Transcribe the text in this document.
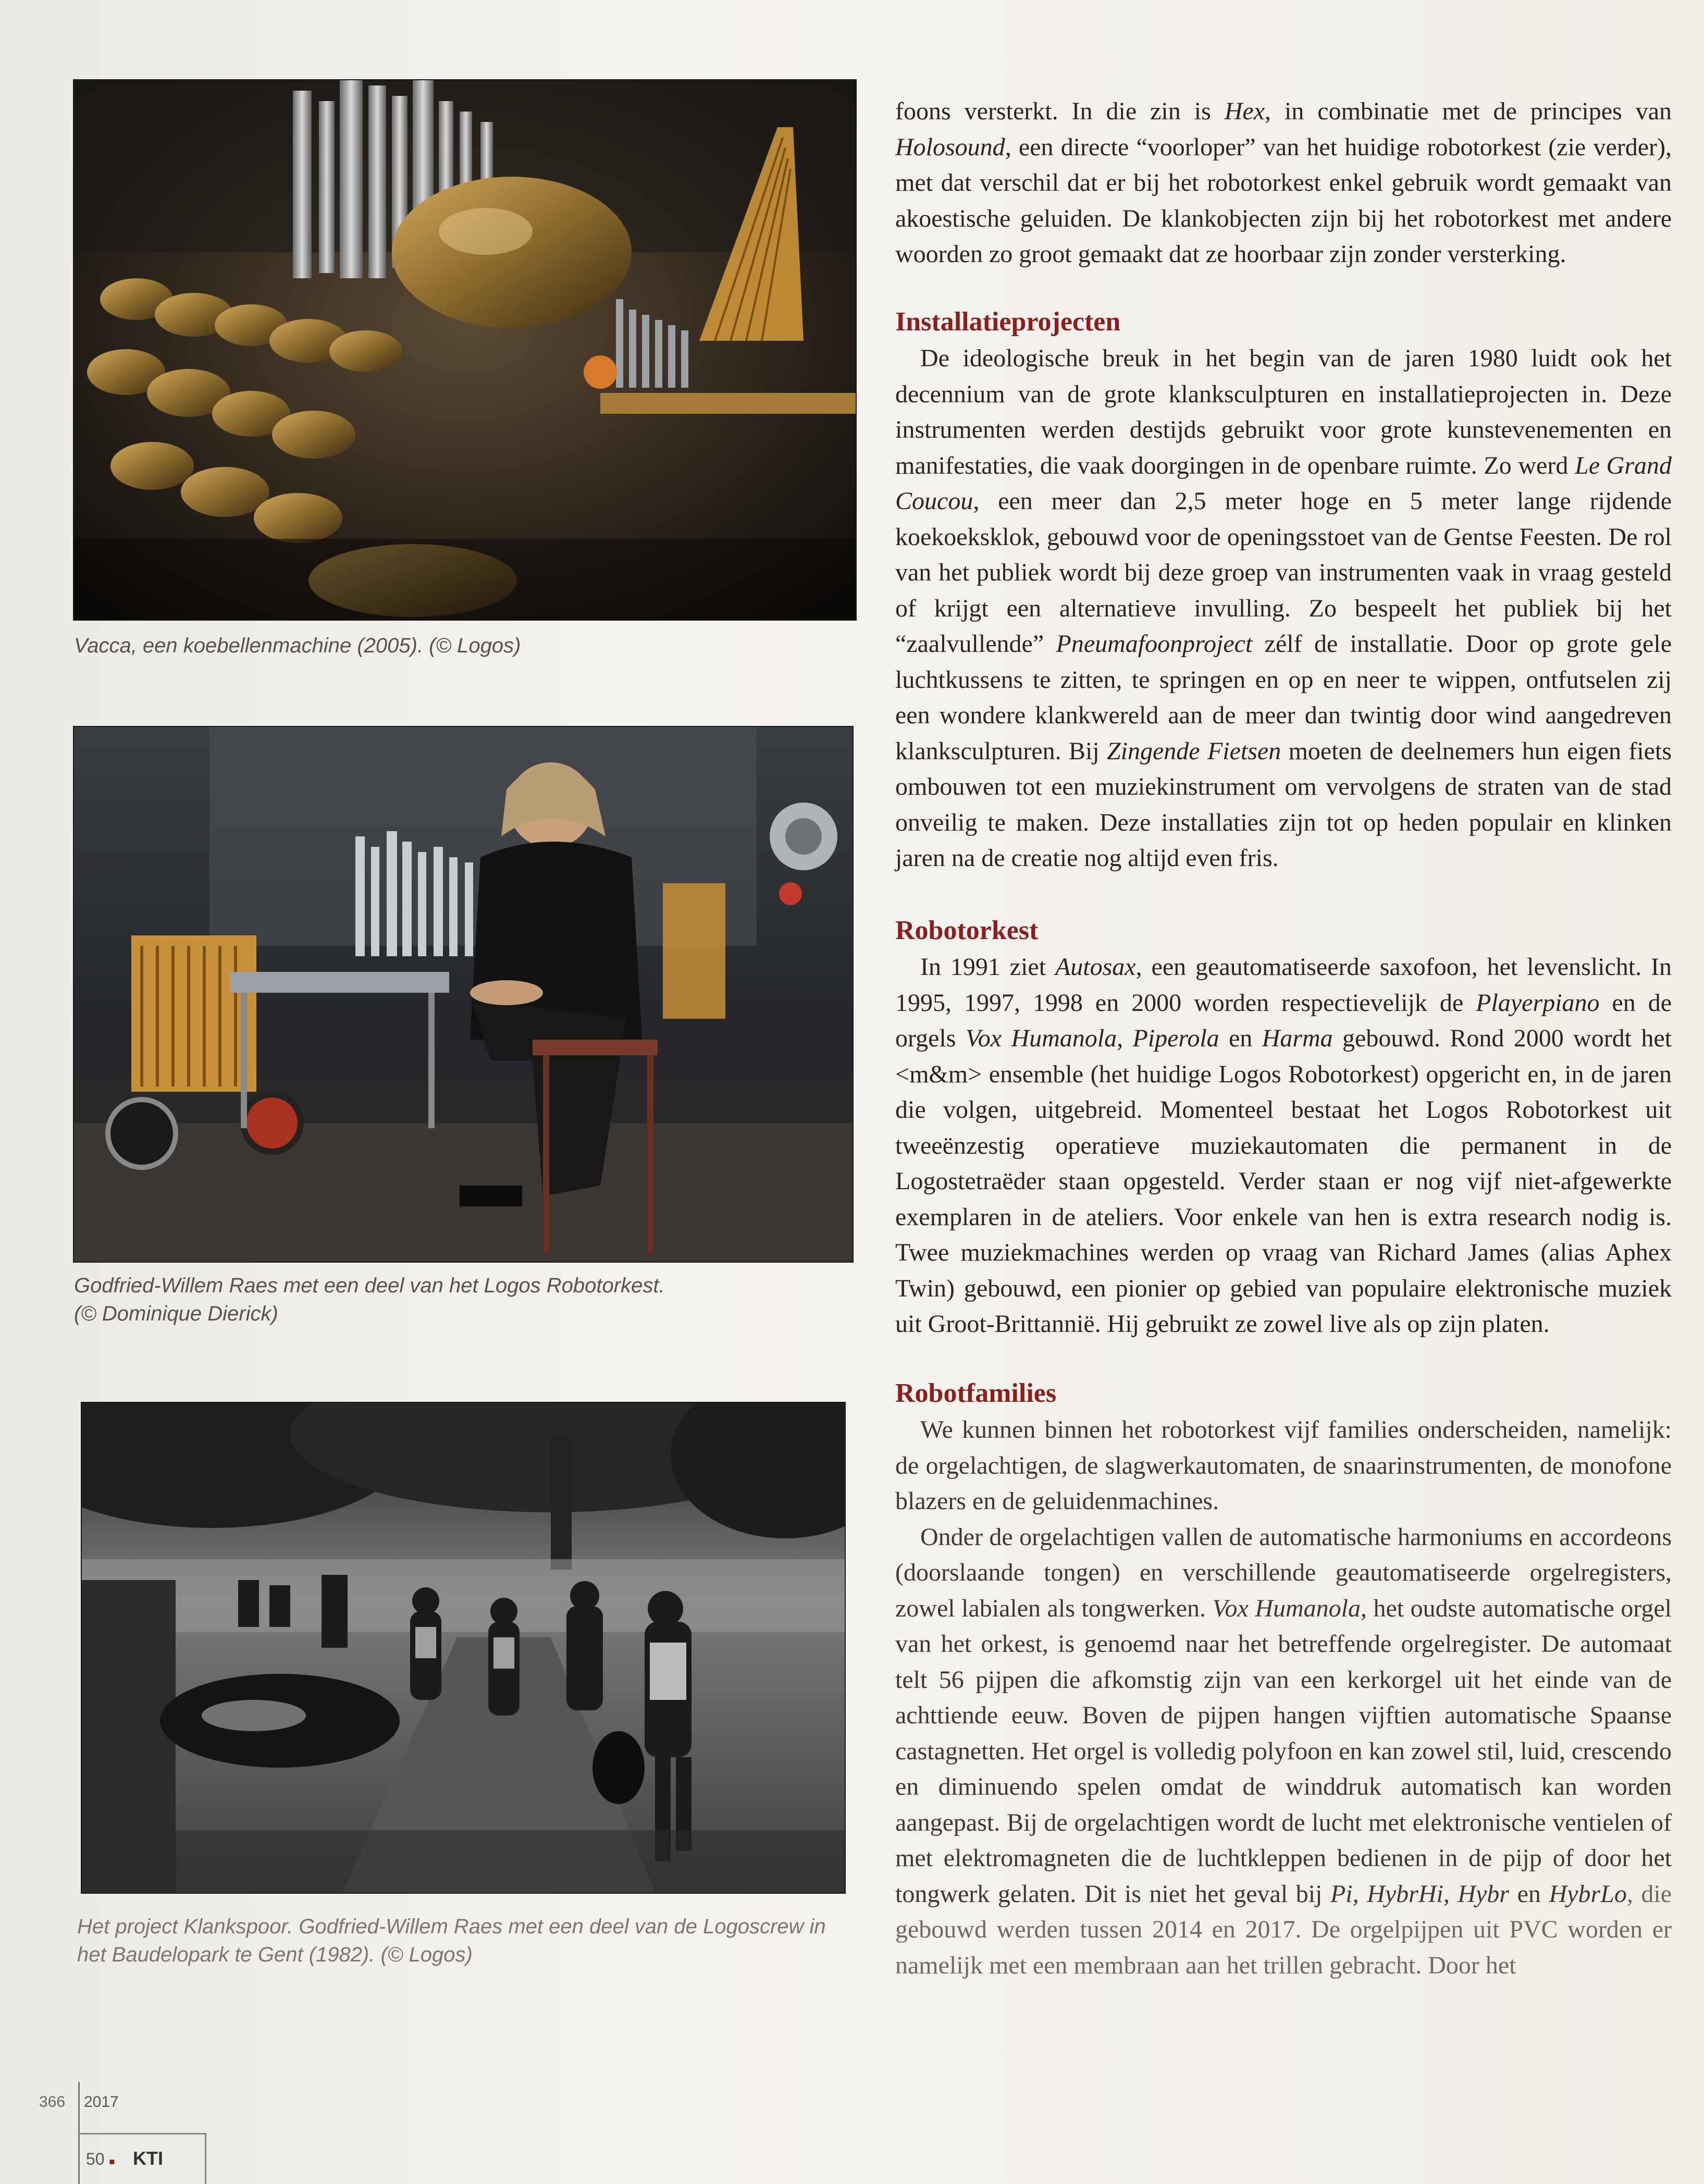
Vacca, een koebellenmachine (2005). (© Logos)
Godfried-Willem Raes met een deel van het Logos Robotorkest.
(© Dominique Dierick)
Het project Klankspoor. Godfried-Willem Raes met een deel van de Logoscrew in
het Baudelopark te Gent (1982). (© Logos)

foons versterkt. In die zin is Hex, in combinatie met de principes van Holosound, een directe “voorloper” van het huidige robotorkest (zie verder), met dat verschil dat er bij het robotorkest enkel gebruik wordt gemaakt van akoestische geluiden. De klankobjecten zijn bij het robotorkest met andere woorden zo groot gemaakt dat ze hoorbaar zijn zonder versterking.

Installatieprojecten

De ideologische breuk in het begin van de jaren 1980 luidt ook het decennium van de grote klanksculpturen en installatieprojecten in. Deze instrumenten werden destijds gebruikt voor grote kunstevenementen en manifestaties, die vaak doorgingen in de openbare ruimte. Zo werd Le Grand Coucou, een meer dan 2,5 meter hoge en 5 meter lange rijdende koekoeksklok, gebouwd voor de openingsstoet van de Gentse Feesten. De rol van het publiek wordt bij deze groep van instrumenten vaak in vraag gesteld of krijgt een alternatieve invulling. Zo bespeelt het publiek bij het “zaalvullende” Pneumafoonproject zélf de installatie. Door op grote gele luchtkussens te zitten, te springen en op en neer te wippen, ontfutselen zij een wondere klankwereld aan de meer dan twintig door wind aangedreven klanksculpturen. Bij Zingende Fietsen moeten de deelnemers hun eigen fiets ombouwen tot een muziekinstrument om vervolgens de straten van de stad onveilig te maken. Deze installaties zijn tot op heden populair en klinken jaren na de creatie nog altijd even fris.

Robotorkest

In 1991 ziet Autosax, een geautomatiseerde saxofoon, het levenslicht. In 1995, 1997, 1998 en 2000 worden respectievelijk de Playerpiano en de orgels Vox Humanola, Piperola en Harma gebouwd. Rond 2000 wordt het <m&m> ensemble (het huidige Logos Robotorkest) opgericht en, in de jaren die volgen, uitgebreid. Momenteel bestaat het Logos Robotorkest uit tweeënzestig operatieve muziekautomaten die permanent in de Logostetraëder staan opgesteld. Verder staan er nog vijf niet-afgewerkte exemplaren in de ateliers. Voor enkele van hen is extra research nodig is. Twee muziekmachines werden op vraag van Richard James (alias Aphex Twin) gebouwd, een pionier op gebied van populaire elektronische muziek uit Groot-Brittannië. Hij gebruikt ze zowel live als op zijn platen.

Robotfamilies

We kunnen binnen het robotorkest vijf families onderscheiden, namelijk: de orgelachtigen, de slagwerkautomaten, de snaarinstrumenten, de monofone blazers en de geluidenmachines.

Onder de orgelachtigen vallen de automatische harmoniums en accordeons (doorslaande tongen) en verschillende geautomatiseerde orgelregisters, zowel labialen als tongwerken. Vox Humanola, het oudste automatische orgel van het orkest, is genoemd naar het betreffende orgelregister. De automaat telt 56 pijpen die afkomstig zijn van een kerkorgel uit het einde van de achttiende eeuw. Boven de pijpen hangen vijftien automatische Spaanse castagnetten. Het orgel is volledig polyfoon en kan zowel stil, luid, crescendo en diminuendo spelen omdat de winddruk automatisch kan worden aangepast. Bij de orgelachtigen wordt de lucht met elektronische ventielen of met elektromagneten die de luchtkleppen bedienen in de pijp of door het tongwerk gelaten. Dit is niet het geval bij Pi, HybrHi, Hybr en HybrLo, die gebouwd werden tussen 2014 en 2017. De orgelpijpen uit PVC worden er namelijk met een membraan aan het trillen gebracht. Door het

366 2017
50 ■ KTI
